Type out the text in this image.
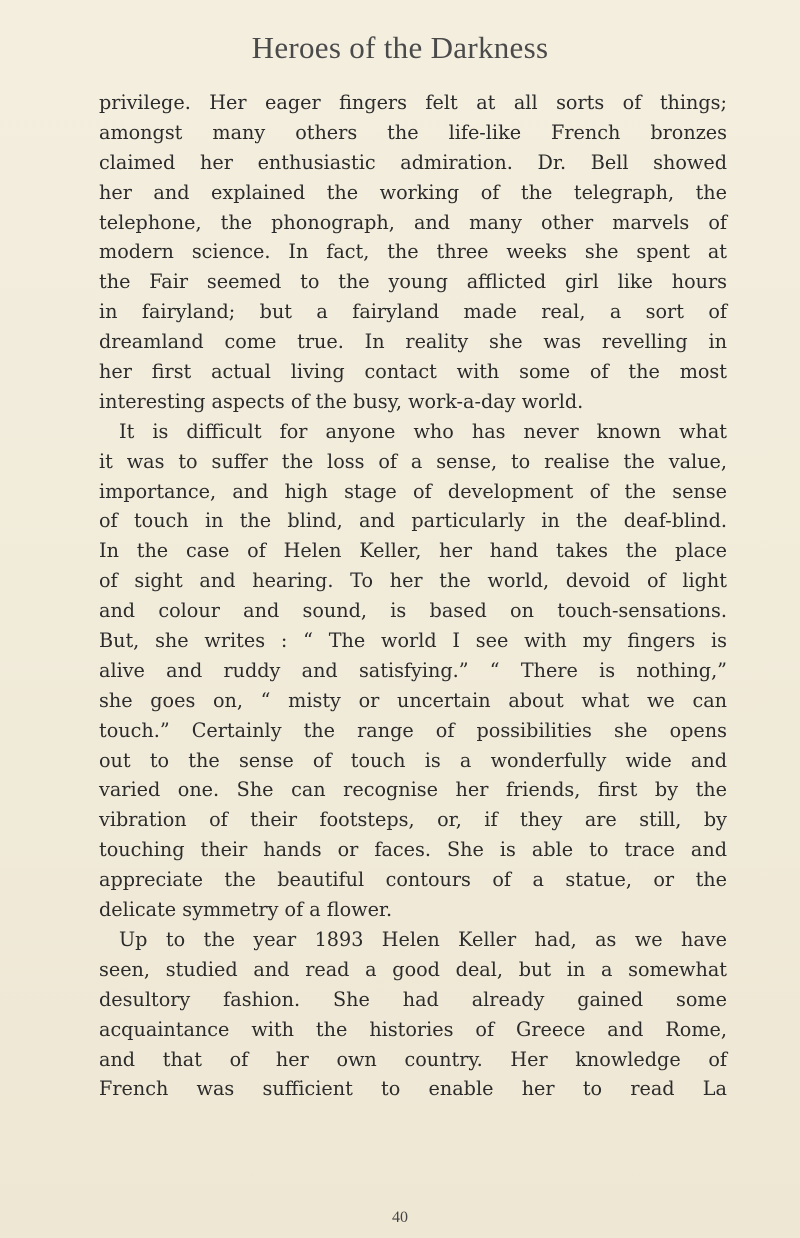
Heroes of the Darkness
privilege. Her eager fingers felt at all sorts of things;
amongst many others the life-like French bronzes
claimed her enthusiastic admiration. Dr. Bell showed
her and explained the working of the telegraph, the
telephone, the phonograph, and many other marvels of
modern science. In fact, the three weeks she spent at
the Fair seemed to the young afflicted girl like hours
in fairyland; but a fairyland made real, a sort of
dreamland come true. In reality she was revelling in
her first actual living contact with some of the most
interesting aspects of the busy, work-a-day world.
It is difficult for anyone who has never known what
it was to suffer the loss of a sense, to realise the value,
importance, and high stage of development of the sense
of touch in the blind, and particularly in the deaf-blind.
In the case of Helen Keller, her hand takes the place
of sight and hearing. To her the world, devoid of light
and colour and sound, is based on touch-sensations.
But, she writes : “ The world I see with my fingers is
alive and ruddy and satisfying.” “ There is nothing,”
she goes on, “ misty or uncertain about what we can
touch.” Certainly the range of possibilities she opens
out to the sense of touch is a wonderfully wide and
varied one. She can recognise her friends, first by the
vibration of their footsteps, or, if they are still, by
touching their hands or faces. She is able to trace and
appreciate the beautiful contours of a statue, or the
delicate symmetry of a flower.
Up to the year 1893 Helen Keller had, as we have
seen, studied and read a good deal, but in a somewhat
desultory fashion. She had already gained some
acquaintance with the histories of Greece and Rome,
and that of her own country. Her knowledge of
French was sufficient to enable her to read La
40
